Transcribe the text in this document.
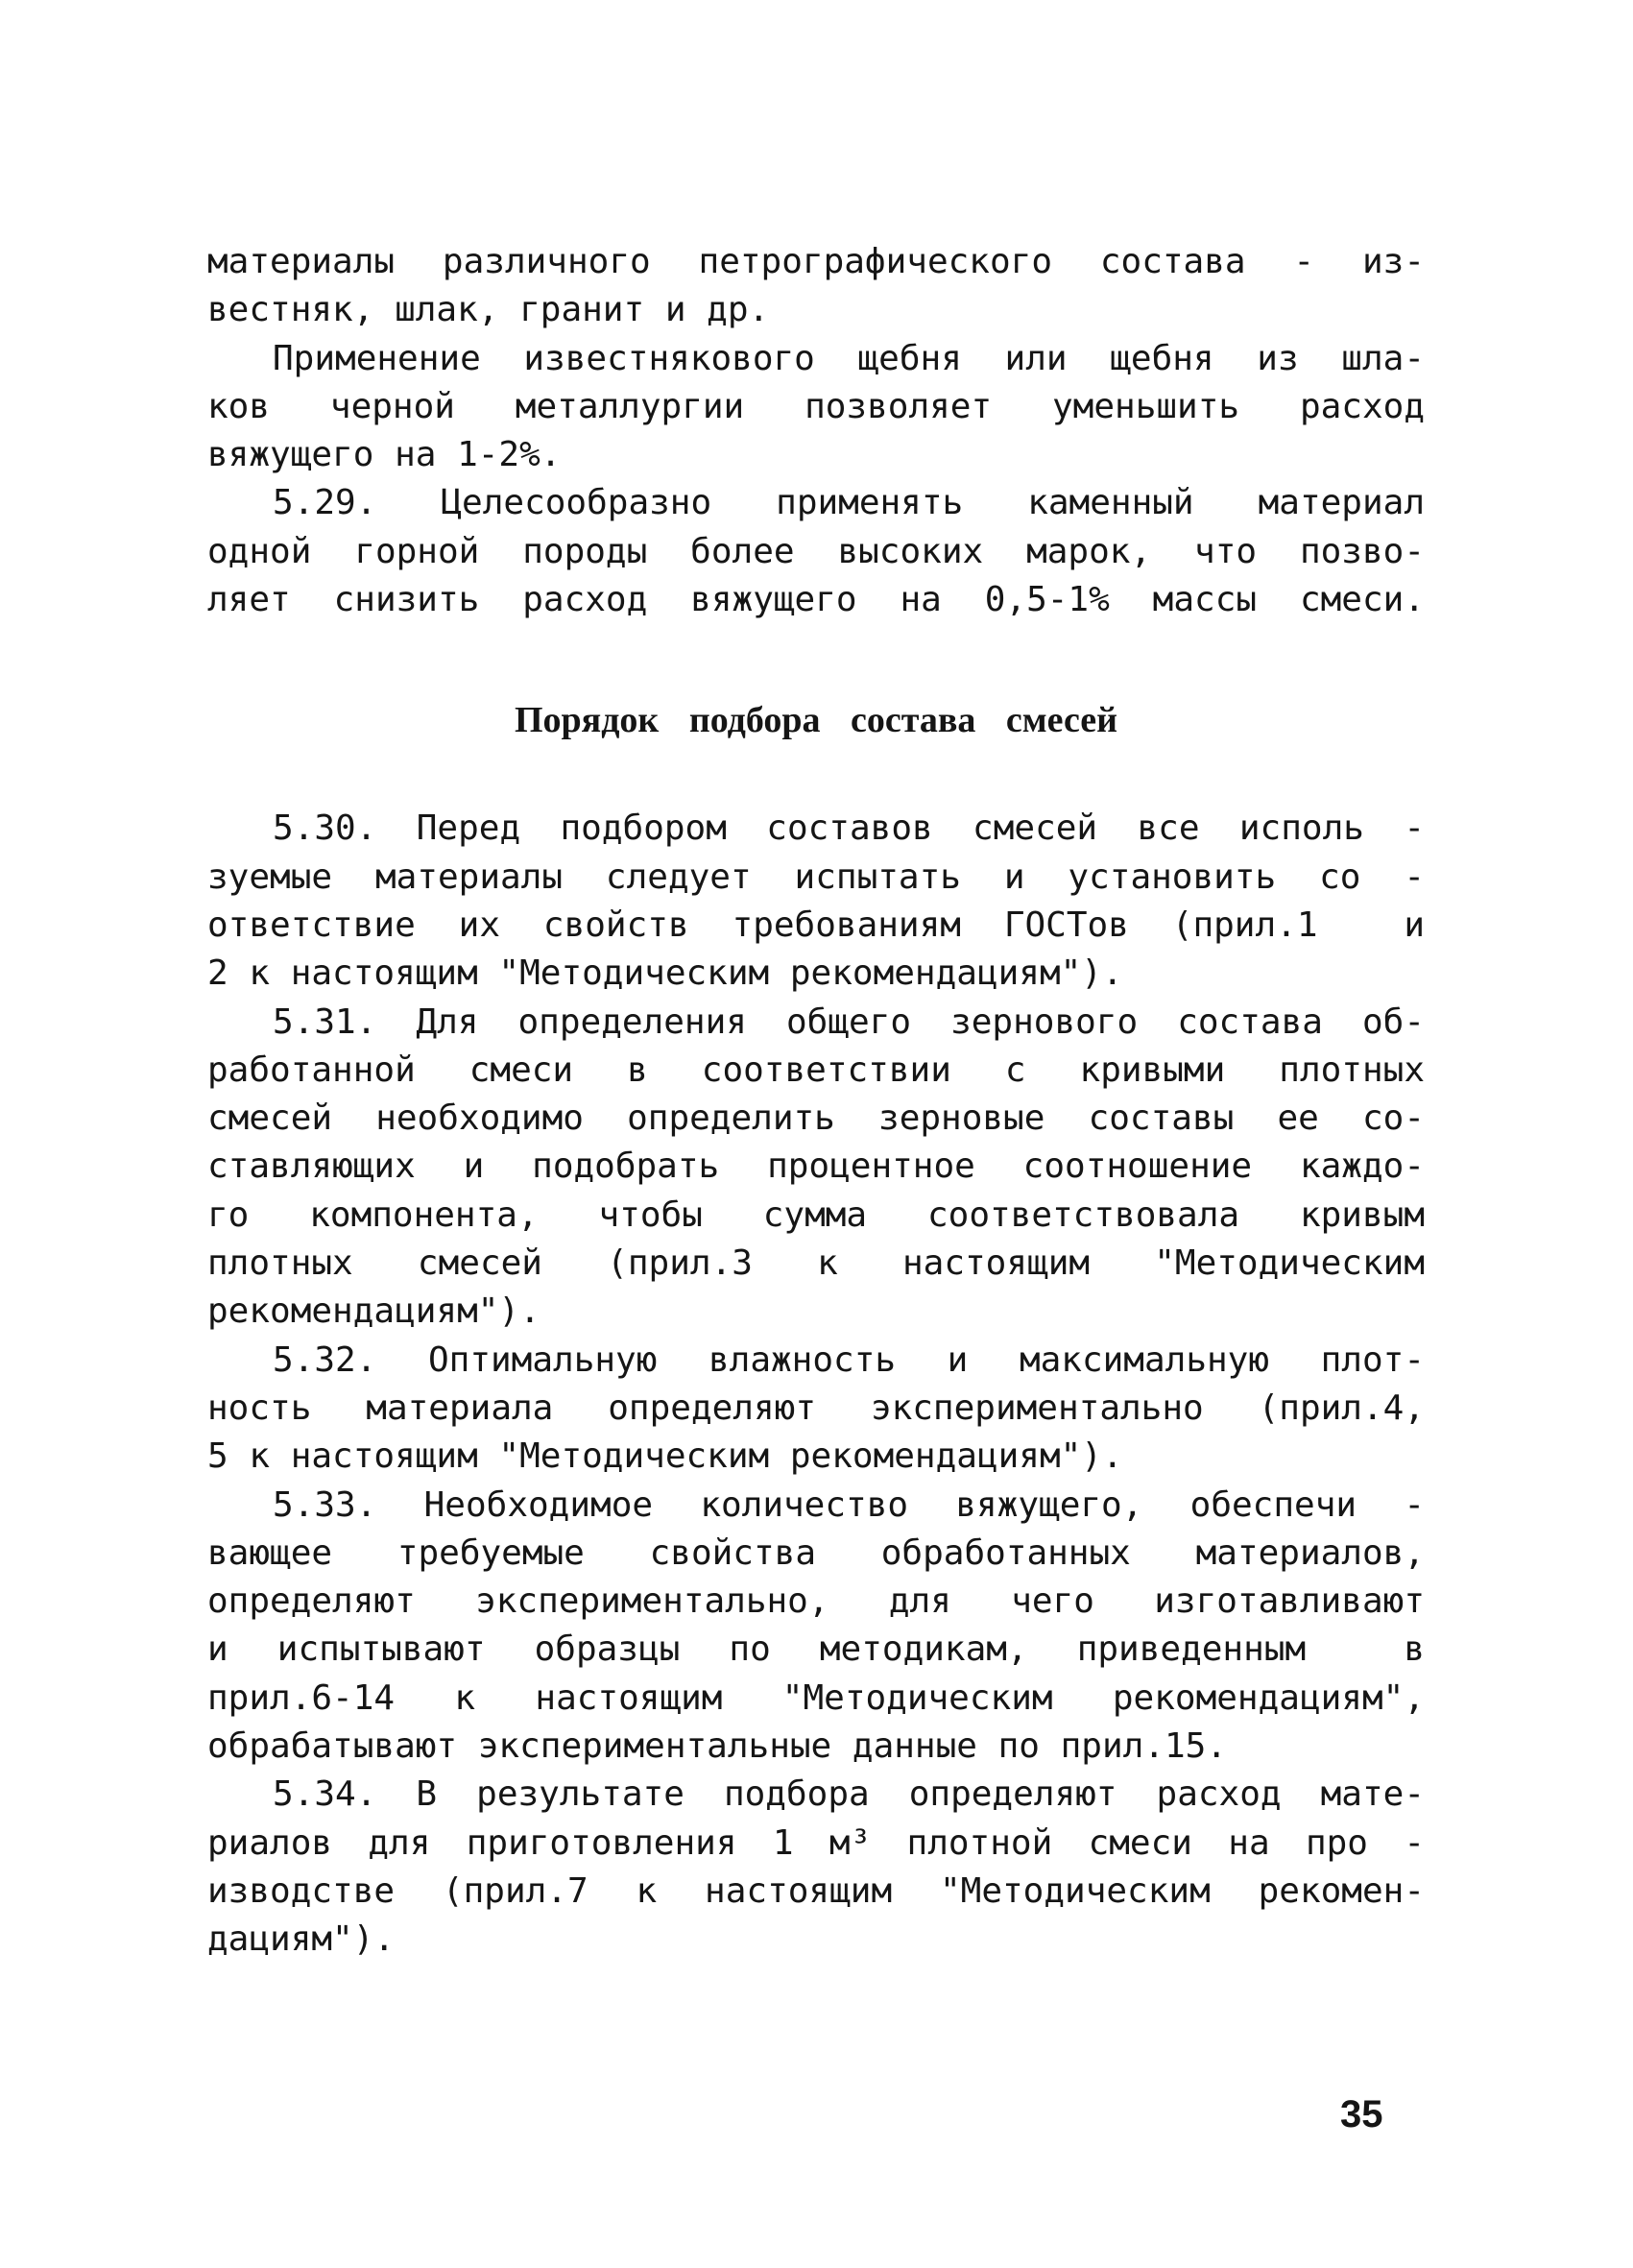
материалы различного петрографического состава - из-
вестняк, шлак, гранит и др.
Применение известнякового щебня или щебня из шла-
ков черной металлургии позволяет уменьшить расход
вяжущего на 1-2%.
5.29. Целесообразно применять каменный материал
одной горной породы более высоких марок, что позво-
ляет снизить расход вяжущего на 0,5-1% массы смеси.
Порядок подбора состава смесей
5.30. Перед подбором составов смесей все исполь -
зуемые материалы следует испытать и установить со -
ответствие их свойств требованиям ГОСТов (прил.1  и
2 к настоящим "Методическим рекомендациям").
5.31. Для определения общего зернового состава об-
работанной смеси в соответствии с кривыми плотных
смесей необходимо определить зерновые составы ее со-
ставляющих и подобрать процентное соотношение каждо-
го компонента, чтобы сумма соответствовала кривым
плотных смесей (прил.3 к настоящим "Методическим
рекомендациям").
5.32. Оптимальную влажность и максимальную плот-
ность материала определяют экспериментально (прил.4,
5 к настоящим "Методическим рекомендациям").
5.33. Необходимое количество вяжущего, обеспечи -
вающее требуемые свойства обработанных материалов,
определяют экспериментально, для чего изготавливают
и испытывают образцы по методикам, приведенным  в
прил.6-14 к настоящим "Методическим рекомендациям",
обрабатывают экспериментальные данные по прил.15.
5.34. В результате подбора определяют расход мате-
риалов для приготовления 1 м³ плотной смеси на про -
изводстве (прил.7 к настоящим "Методическим рекомен-
дациям").
35
